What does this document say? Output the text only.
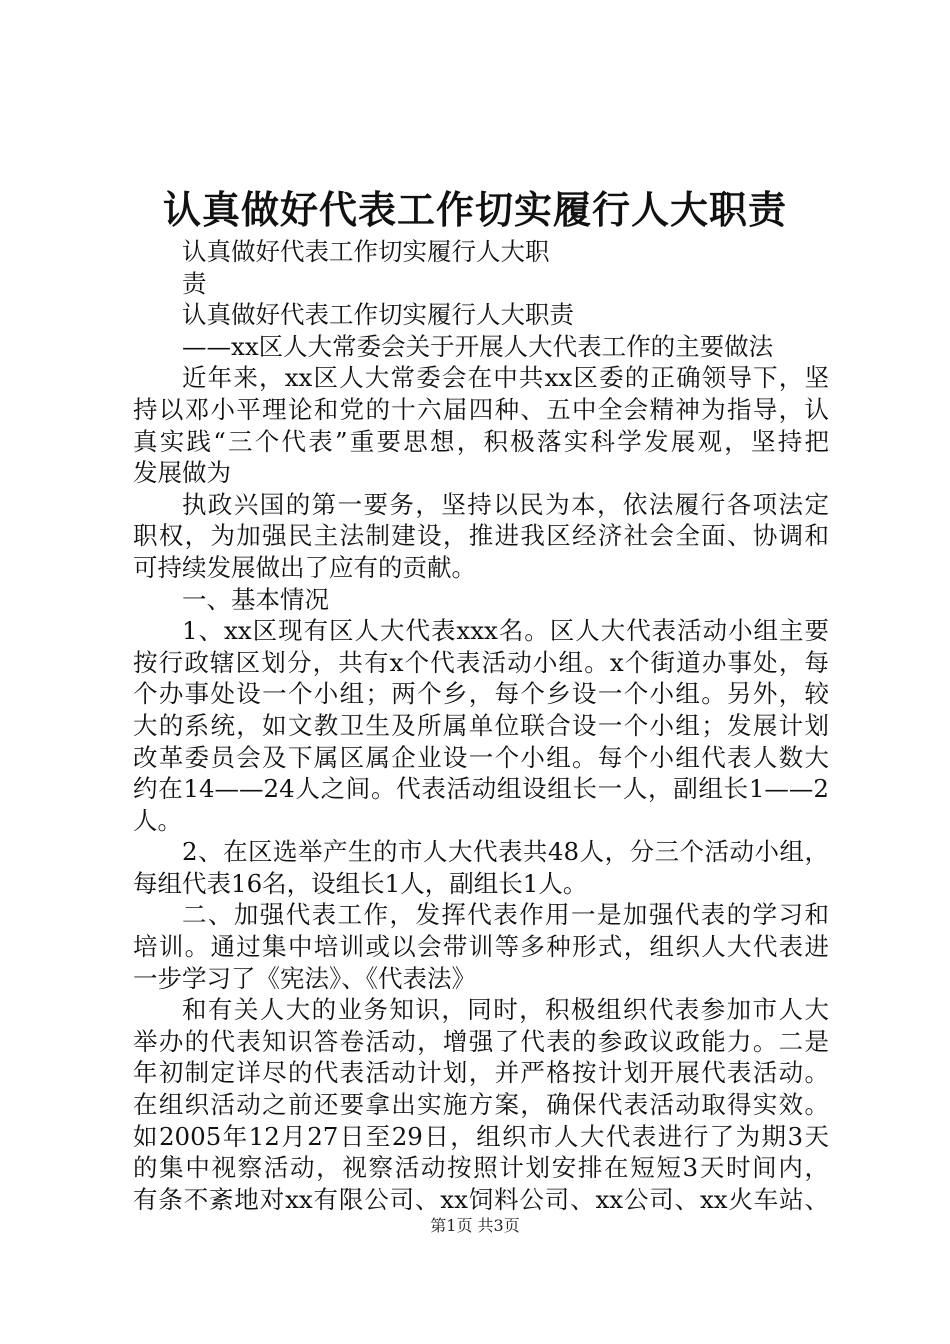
认真做好代表工作切实履行人大职责
认真做好代表工作切实履行人大职
责
认真做好代表工作切实履行人大职责
——xx区人大常委会关于开展人大代表工作的主要做法
近年来，xx区人大常委会在中共xx区委的正确领导下，坚
持以邓小平理论和党的十六届四种、五中全会精神为指导，认
真实践“三个代表”重要思想，积极落实科学发展观，坚持把
发展做为
执政兴国的第一要务，坚持以民为本，依法履行各项法定
职权，为加强民主法制建设，推进我区经济社会全面、协调和
可持续发展做出了应有的贡献。
一、基本情况
1、xx区现有区人大代表xxx名。区人大代表活动小组主要
按行政辖区划分，共有x个代表活动小组。x个街道办事处，每
个办事处设一个小组；两个乡，每个乡设一个小组。另外，较
大的系统，如文教卫生及所属单位联合设一个小组；发展计划
改革委员会及下属区属企业设一个小组。每个小组代表人数大
约在14——24人之间。代表活动组设组长一人，副组长1——2
人。
2、在区选举产生的市人大代表共48人，分三个活动小组，
每组代表16名，设组长1人，副组长1人。
二、加强代表工作，发挥代表作用一是加强代表的学习和
培训。通过集中培训或以会带训等多种形式，组织人大代表进
一步学习了《宪法》、《代表法》
和有关人大的业务知识，同时，积极组织代表参加市人大
举办的代表知识答卷活动，增强了代表的参政议政能力。二是
年初制定详尽的代表活动计划，并严格按计划开展代表活动。
在组织活动之前还要拿出实施方案，确保代表活动取得实效。
如2005年12月27日至29日，组织市人大代表进行了为期3天
的集中视察活动，视察活动按照计划安排在短短3天时间内，
有条不紊地对xx有限公司、xx饲料公司、xx公司、xx火车站、
第1页 共3页
